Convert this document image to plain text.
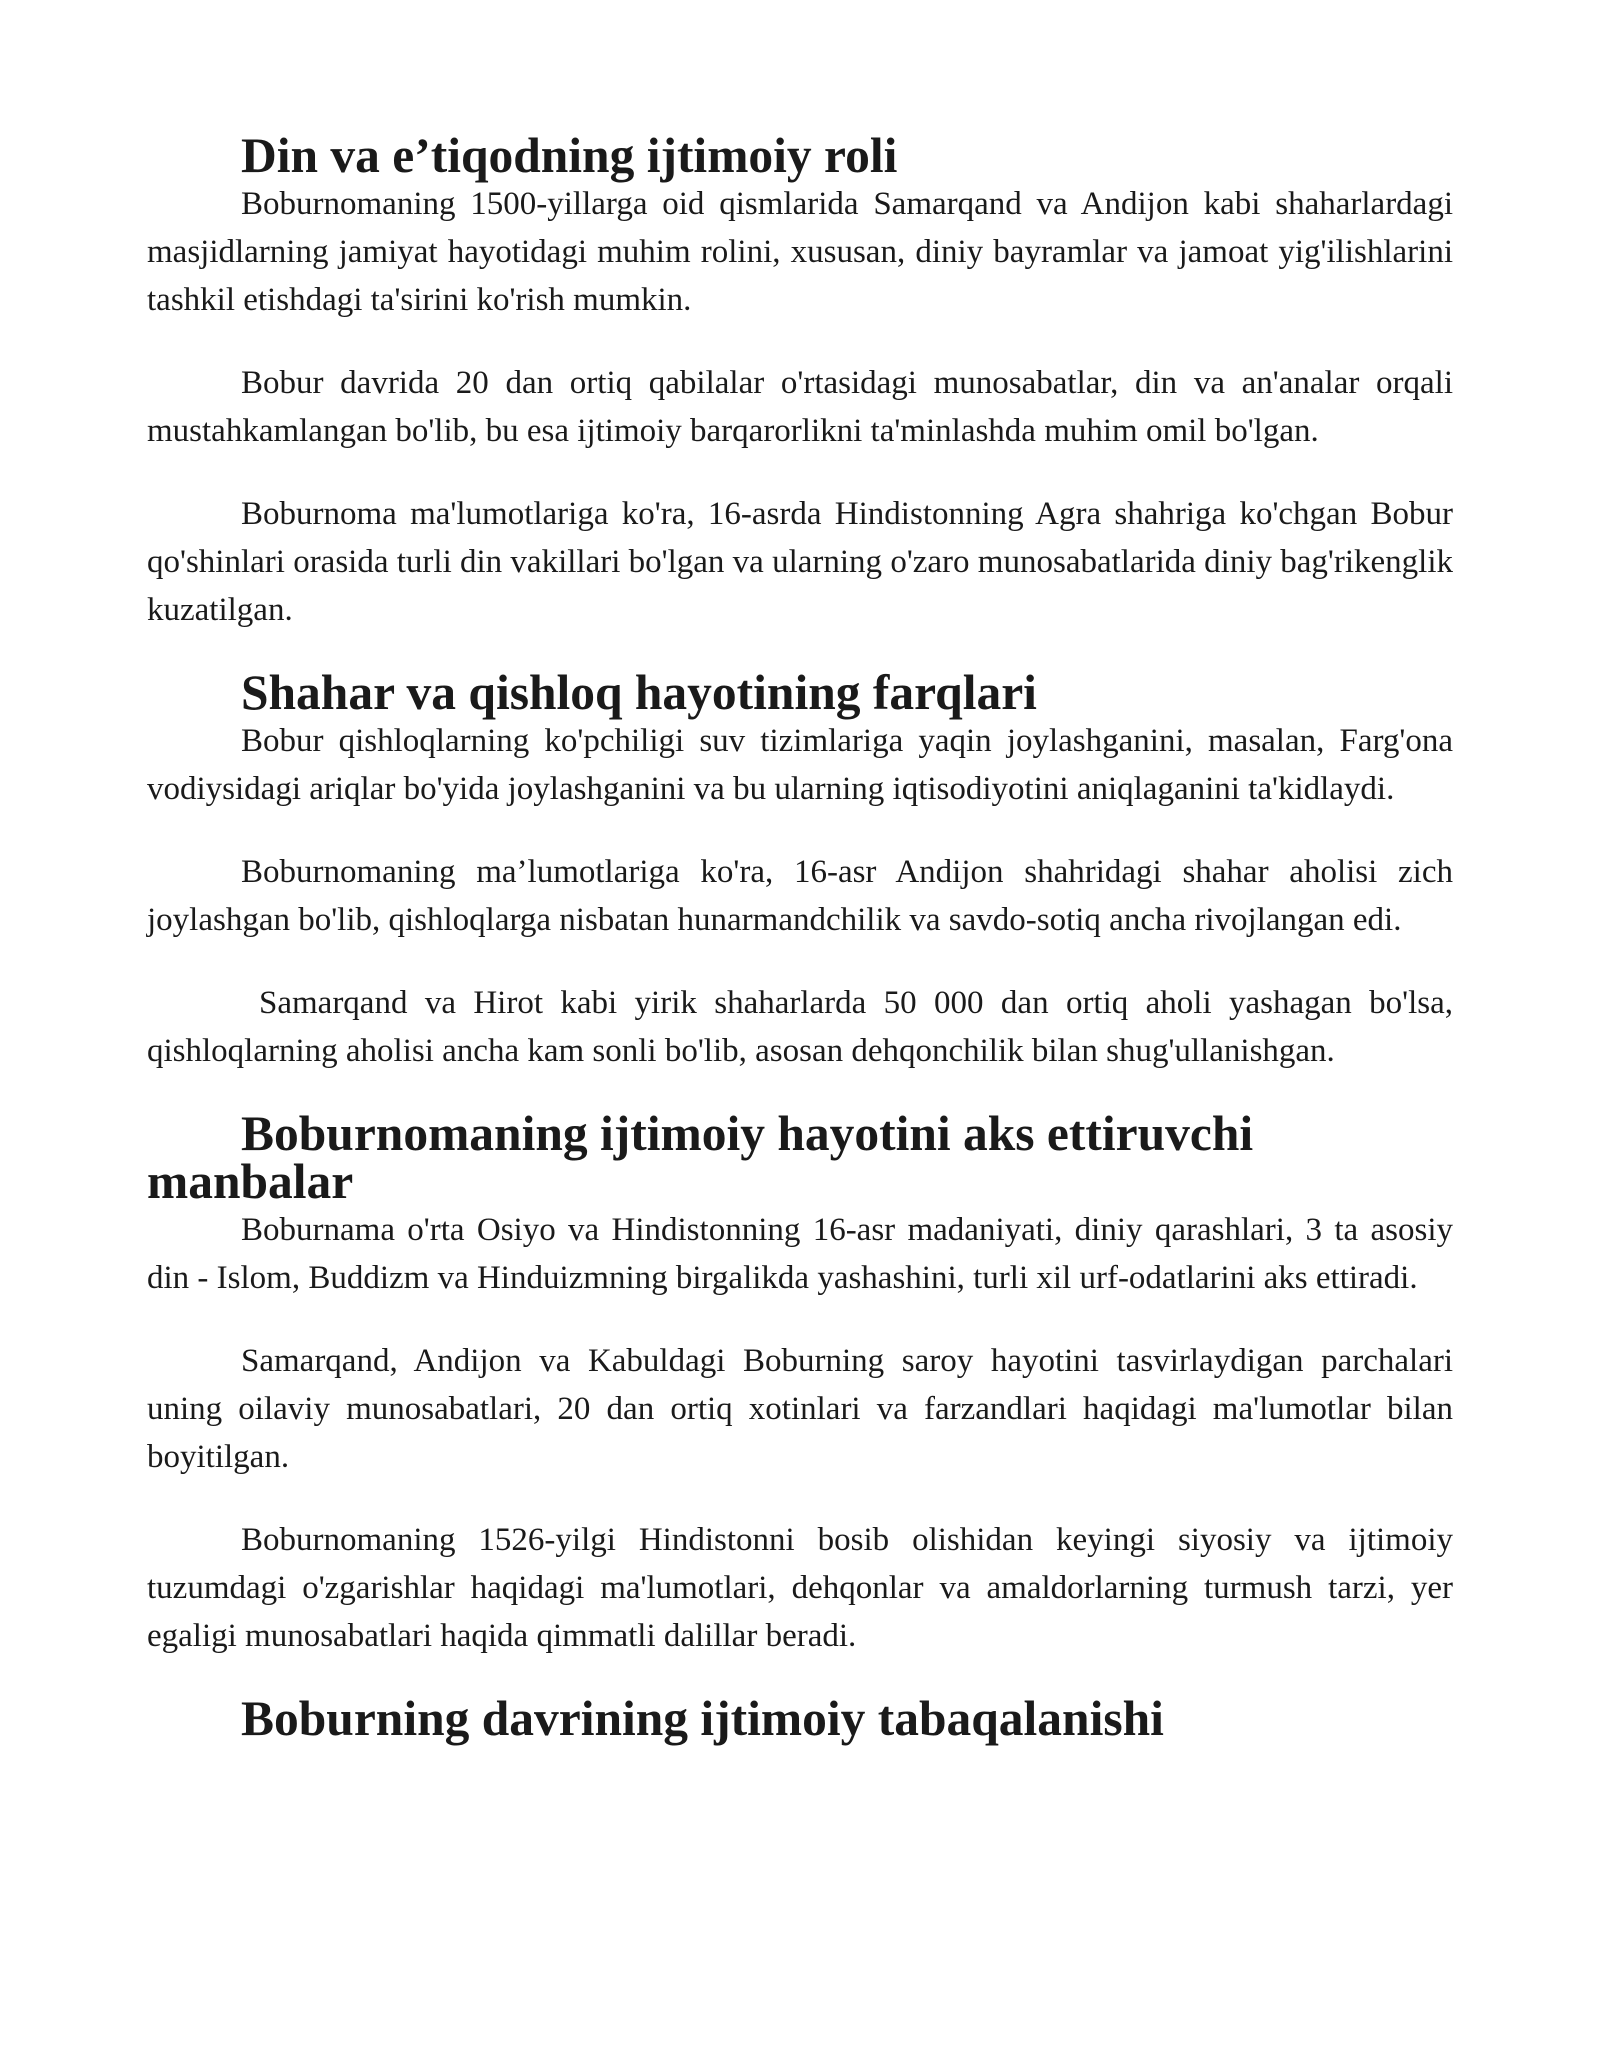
Din va e’tiqodning ijtimoiy roli

Boburnomaning 1500-yillarga oid qismlarida Samarqand va Andijon kabi shaharlardagi masjidlarning jamiyat hayotidagi muhim rolini, xususan, diniy bayramlar va jamoat yig'ilishlarini tashkil etishdagi ta'sirini ko'rish mumkin.

Bobur davrida 20 dan ortiq qabilalar o'rtasidagi munosabatlar, din va an'analar orqali mustahkamlangan bo'lib, bu esa ijtimoiy barqarorlikni ta'minlashda muhim omil bo'lgan.

Boburnoma ma'lumotlariga ko'ra, 16-asrda Hindistonning Agra shahriga ko'chgan Bobur qo'shinlari orasida turli din vakillari bo'lgan va ularning o'zaro munosabatlarida diniy bag'rikenglik kuzatilgan.

Shahar va qishloq hayotining farqlari

Bobur qishloqlarning ko'pchiligi suv tizimlariga yaqin joylashganini, masalan, Farg'ona vodiysidagi ariqlar bo'yida joylashganini va bu ularning iqtisodiyotini aniqlaganini ta'kidlaydi.

Boburnomaning ma’lumotlariga ko'ra, 16-asr Andijon shahridagi shahar aholisi zich joylashgan bo'lib, qishloqlarga nisbatan hunarmandchilik va savdo-sotiq ancha rivojlangan edi.

Samarqand va Hirot kabi yirik shaharlarda 50 000 dan ortiq aholi yashagan bo'lsa, qishloqlarning aholisi ancha kam sonli bo'lib, asosan dehqonchilik bilan shug'ullanishgan.

Boburnomaning ijtimoiy hayotini aks ettiruvchi manbalar

Boburnama o'rta Osiyo va Hindistonning 16-asr madaniyati, diniy qarashlari, 3 ta asosiy din - Islom, Buddizm va Hinduizmning birgalikda yashashini, turli xil urf-odatlarini aks ettiradi.

Samarqand, Andijon va Kabuldagi Boburning saroy hayotini tasvirlaydigan parchalari uning oilaviy munosabatlari, 20 dan ortiq xotinlari va farzandlari haqidagi ma'lumotlar bilan boyitilgan.

Boburnomaning 1526-yilgi Hindistonni bosib olishidan keyingi siyosiy va ijtimoiy tuzumdagi o'zgarishlar haqidagi ma'lumotlari, dehqonlar va amaldorlarning turmush tarzi, yer egaligi munosabatlari haqida qimmatli dalillar beradi.

Boburning davrining ijtimoiy tabaqalanishi
